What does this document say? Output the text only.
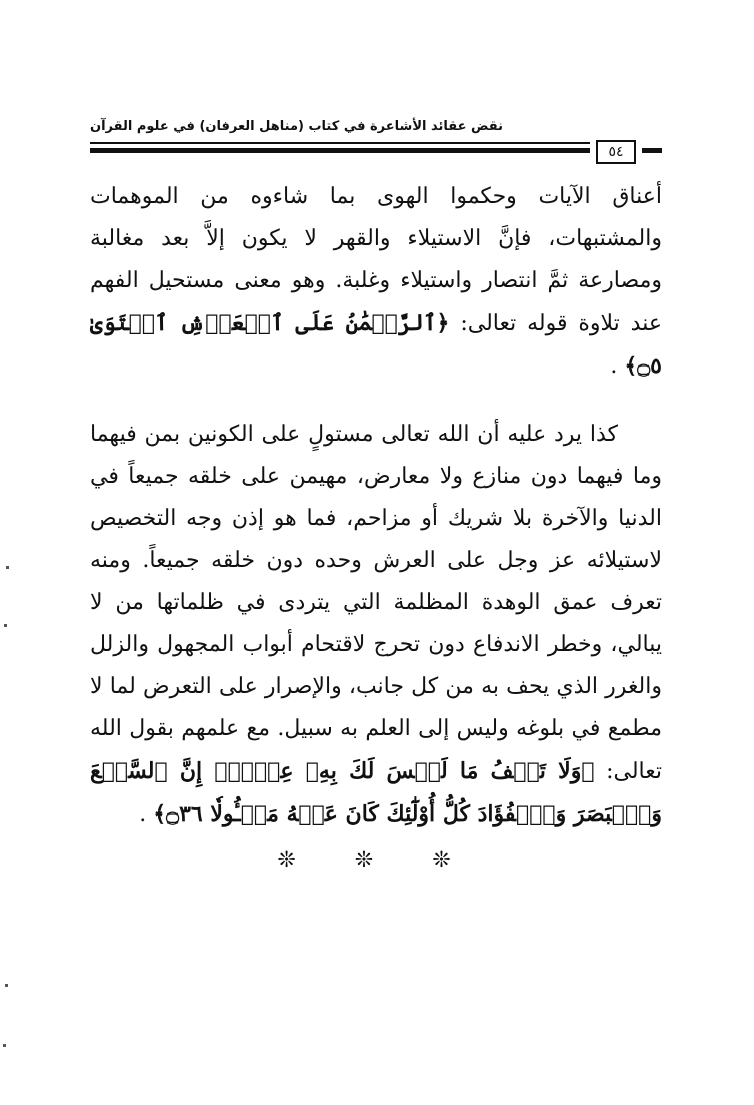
نقض عقائد الأشاعرة في كتاب (مناهل العرفان) في علوم القرآن
٥٤

أعناق الآيات وحكموا الهوى بما شاءوه من الموهمات والمشتبهات، فإنَّ الاستيلاء والقهر لا يكون إلاَّ بعد مغالبة ومصارعة ثمَّ انتصار واستيلاء وغلبة. وهو معنى مستحيل الفهم عند تلاوة قوله تعالى: ﴿ٱلرَّحۡمَٰنُ عَلَى ٱلۡعَرۡشِ ٱسۡتَوَىٰ ۝٥﴾ .

كذا يرد عليه أن الله تعالى مستولٍ على الكونين بمن فيهما وما فيهما دون منازع ولا معارض، مهيمن على خلقه جميعاً في الدنيا والآخرة بلا شريك أو مزاحم، فما هو إذن وجه التخصيص لاستيلائه عز وجل على العرش وحده دون خلقه جميعاً. ومنه تعرف عمق الوهدة المظلمة التي يتردى في ظلماتها من لا يبالي، وخطر الاندفاع دون تحرج لاقتحام أبواب المجهول والزلل والغرر الذي يحف به من كل جانب، والإصرار على التعرض لما لا مطمع في بلوغه وليس إلى العلم به سبيل. مع علمهم بقول الله تعالى: ﴿وَلَا تَقۡفُ مَا لَيۡسَ لَكَ بِهِۦ عِلۡمٌۚ إِنَّ ٱلسَّمۡعَ وَٱلۡبَصَرَ وَٱلۡفُؤَادَ كُلُّ أُوْلَٰٓئِكَ كَانَ عَنۡهُ مَسۡـُٔولٗا ۝٣٦﴾ .

❊ ❊ ❊
